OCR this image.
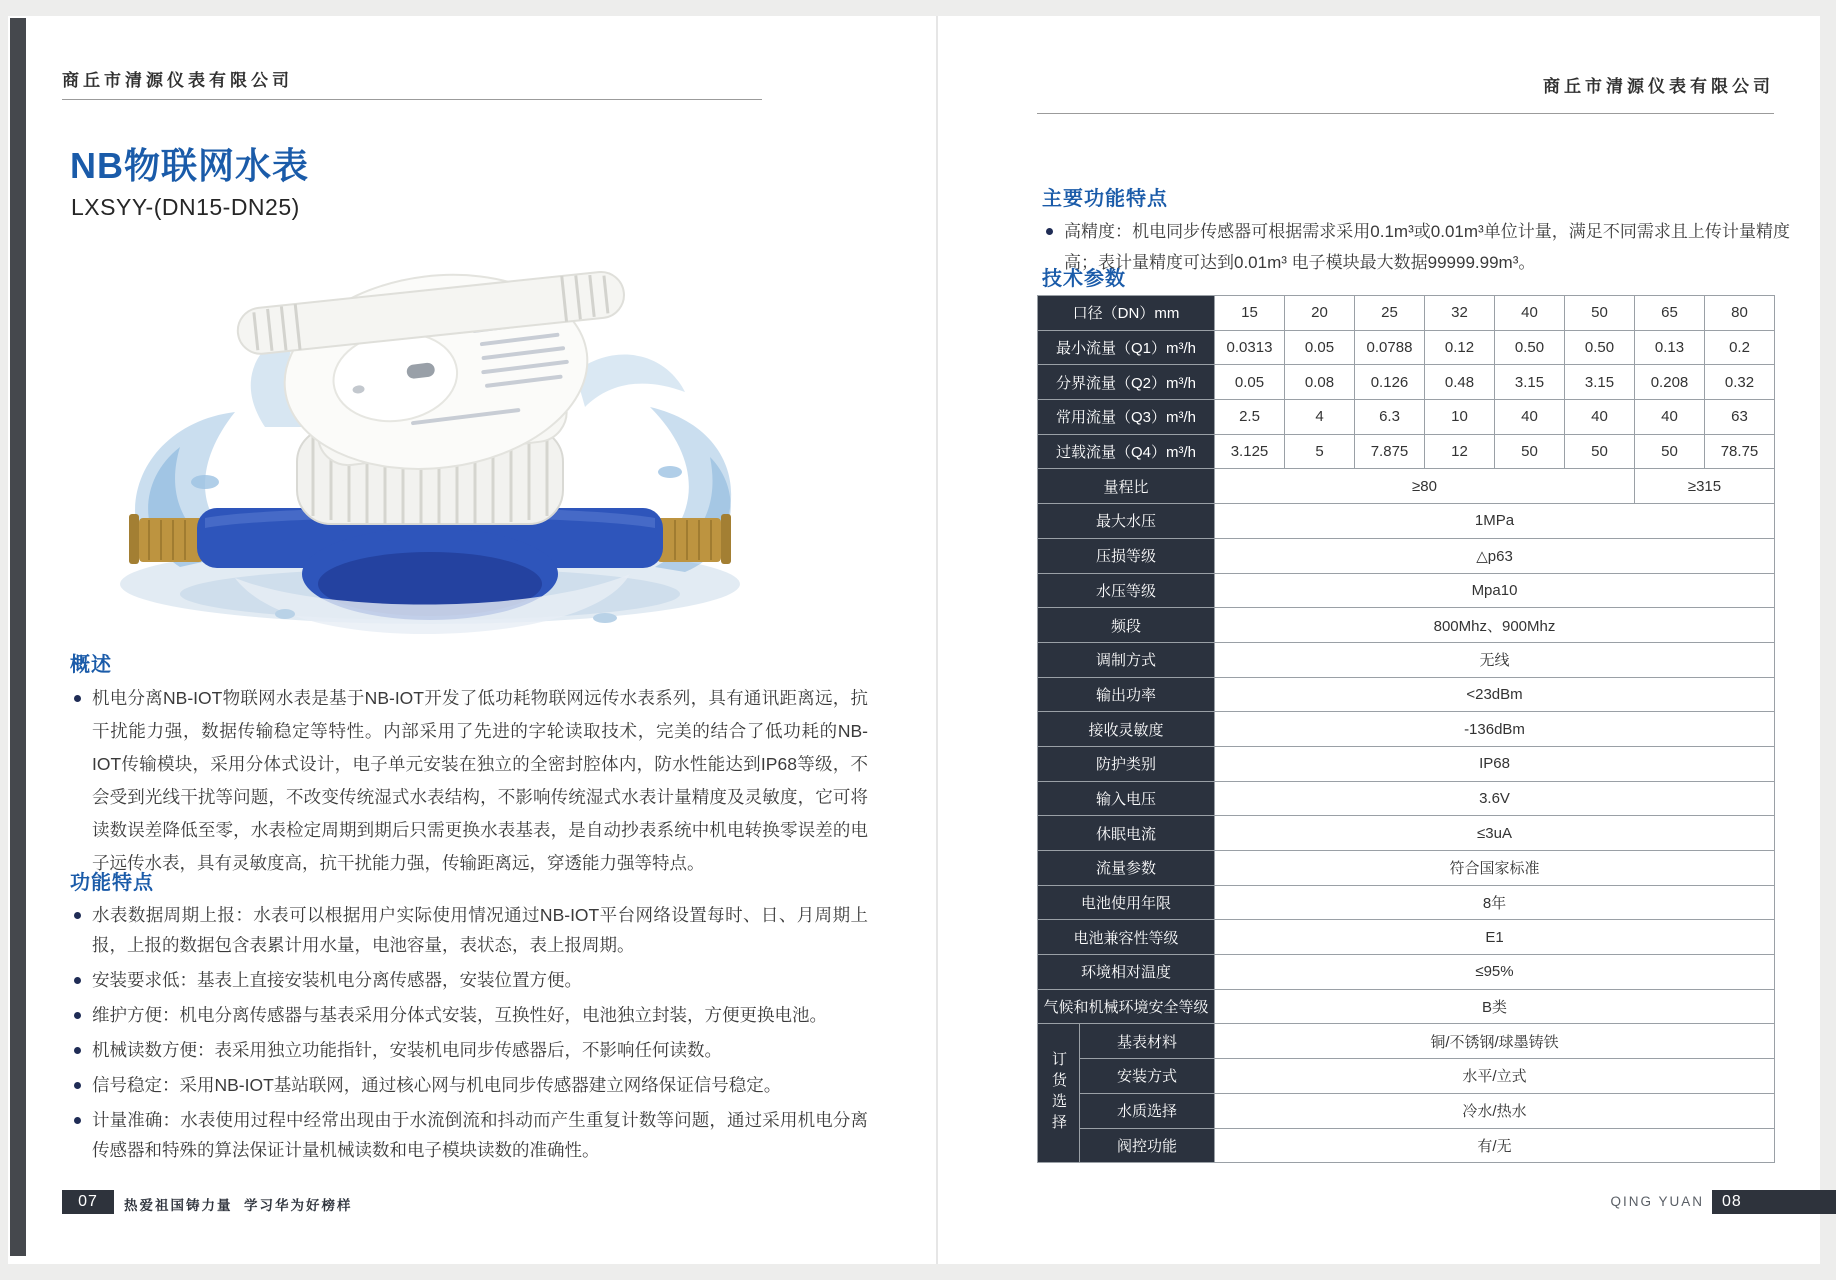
商丘市清源仪表有限公司
NB物联网水表
LXSYY-(DN15-DN25)
概述
机电分离NB-IOT物联网水表是基于NB-IOT开发了低功耗物联网远传水表系列，具有通讯距离远，抗干扰能力强，数据传输稳定等特性。内部采用了先进的字轮读取技术，完美的结合了低功耗的NB-IOT传输模块，采用分体式设计，电子单元安装在独立的全密封腔体内，防水性能达到IP68等级，不会受到光线干扰等问题，不改变传统湿式水表结构，不影响传统湿式水表计量精度及灵敏度，它可将读数误差降低至零，水表检定周期到期后只需更换水表基表，是自动抄表系统中机电转换零误差的电子远传水表，具有灵敏度高，抗干扰能力强，传输距离远，穿透能力强等特点。
功能特点
水表数据周期上报：水表可以根据用户实际使用情况通过NB-IOT平台网络设置每时、日、月周期上报，上报的数据包含表累计用水量，电池容量，表状态，表上报周期。
安装要求低：基表上直接安装机电分离传感器，安装位置方便。
维护方便：机电分离传感器与基表采用分体式安装，互换性好，电池独立封装，方便更换电池。
机械读数方便：表采用独立功能指针，安装机电同步传感器后，不影响任何读数。
信号稳定：采用NB-IOT基站联网，通过核心网与机电同步传感器建立网络保证信号稳定。
计量准确：水表使用过程中经常出现由于水流倒流和抖动而产生重复计数等问题，通过采用机电分离传感器和特殊的算法保证计量机械读数和电子模块读数的准确性。
07	热爱祖国铸力量  学习华为好榜样
商丘市清源仪表有限公司
主要功能特点
高精度：机电同步传感器可根据需求采用0.1m³或0.01m³单位计量，满足不同需求且上传计量精度高；表计量精度可达到0.01m³ 电子模块最大数据99999.99m³。
技术参数
口径（DN）mm		15	20	25	32	40	50	65	80
最小流量（Q1）m³/h		0.0313	0.05	0.0788	0.12	0.50	0.50	0.13	0.2
分界流量（Q2）m³/h		0.05	0.08	0.126	0.48	3.15	3.15	0.208	0.32
常用流量（Q3）m³/h		2.5	4	6.3	10	40	40	40	63
过载流量（Q4）m³/h		3.125	5	7.875	12	50	50	50	78.75
量程比		≥80						≥315	
最大水压		1MPa							
压损等级		△p63							
水压等级		Mpa10							
频段		800Mhz、900Mhz							
调制方式		无线							
输出功率		<23dBm							
接收灵敏度		-136dBm							
防护类别		IP68							
输入电压		3.6V							
休眠电流		≤3uA							
流量参数		符合国家标准							
电池使用年限		8年							
电池兼容性等级		E1							
环境相对温度		≤95%							
气候和机械环境安全等级		B类							

订货选择	基表材料	铜/不锈钢/球墨铸铁							
	安装方式	水平/立式							
	水质选择	冷水/热水							
	阀控功能	有/无							
QING YUAN	08
